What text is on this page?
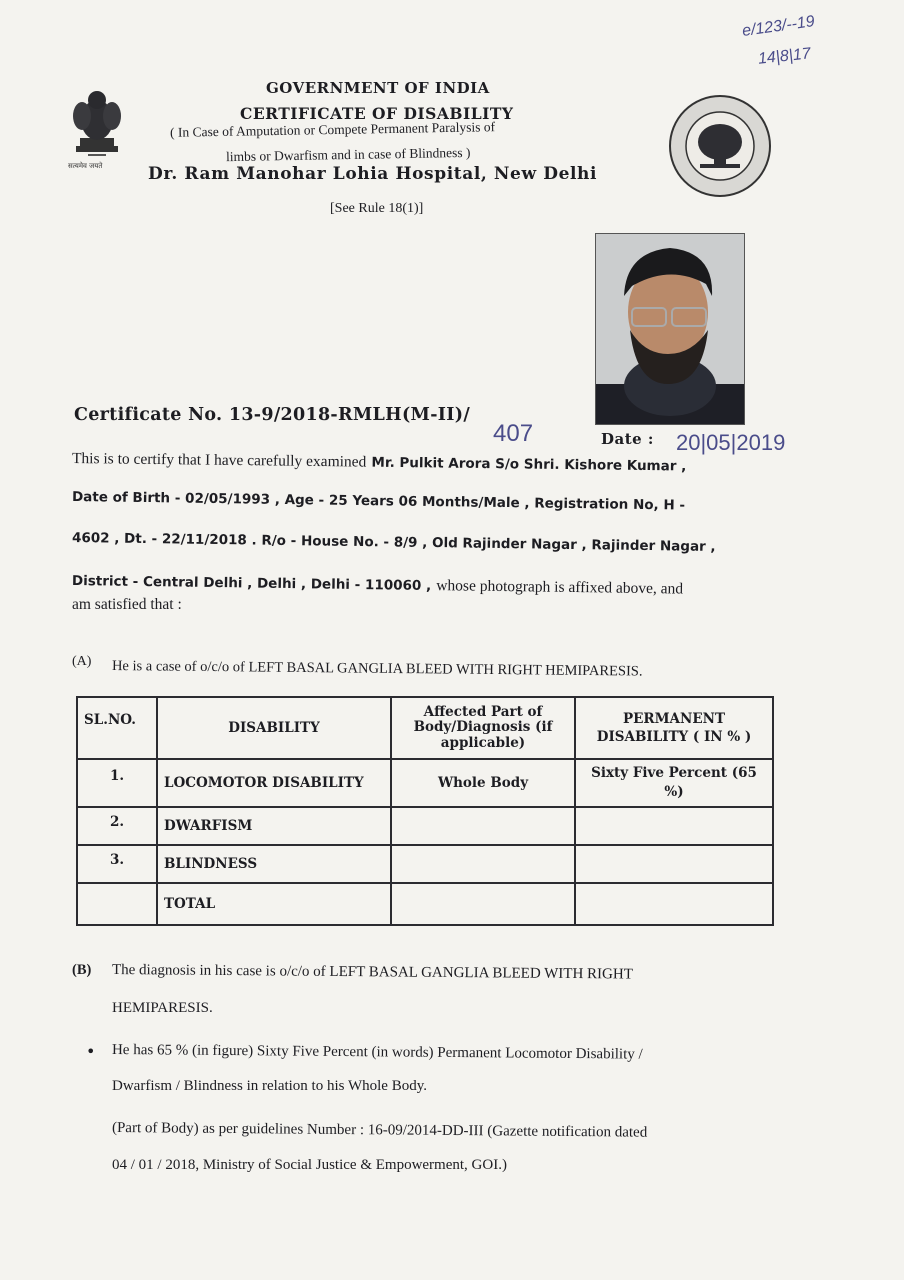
सत्यमेव जयते
GOVERNMENT OF INDIA
CERTIFICATE OF DISABILITY
( In Case of Amputation or Compete Permanent Paralysis of
limbs or Dwarfism and in case of Blindness )
Dr. Ram Manohar Lohia Hospital, New Delhi
[See Rule 18(1)]
e/123/--19
14|8|17
Certificate No. 13-9/2018-RMLH(M-II)/
407	Date : 20|05|2019
This is to certify that I have carefully examined Mr. Pulkit Arora S/o Shri. Kishore Kumar ,
Date of Birth - 02/05/1993 , Age - 25 Years 06 Months/Male , Registration No, H -
4602 , Dt. - 22/11/2018 . R/o - House No. - 8/9 , Old Rajinder Nagar , Rajinder Nagar ,
District - Central Delhi , Delhi , Delhi - 110060 , whose photograph is affixed above, and
am satisfied that :
(A) He is a case of o/c/o of LEFT BASAL GANGLIA BLEED WITH RIGHT HEMIPARESIS.
SL.NO.	DISABILITY	Affected Part of Body/Diagnosis (if applicable)	PERMANENT DISABILITY ( IN % )
1.	LOCOMOTOR DISABILITY	Whole Body	Sixty Five Percent (65 %)
2.	DWARFISM		
3.	BLINDNESS		
	TOTAL		
(B) The diagnosis in his case is o/c/o of LEFT BASAL GANGLIA BLEED WITH RIGHT
HEMIPARESIS.
• He has 65 % (in figure) Sixty Five Percent (in words) Permanent Locomotor Disability /
Dwarfism / Blindness in relation to his Whole Body.
(Part of Body) as per guidelines Number : 16-09/2014-DD-III (Gazette notification dated
04 / 01 / 2018, Ministry of Social Justice & Empowerment, GOI.)
